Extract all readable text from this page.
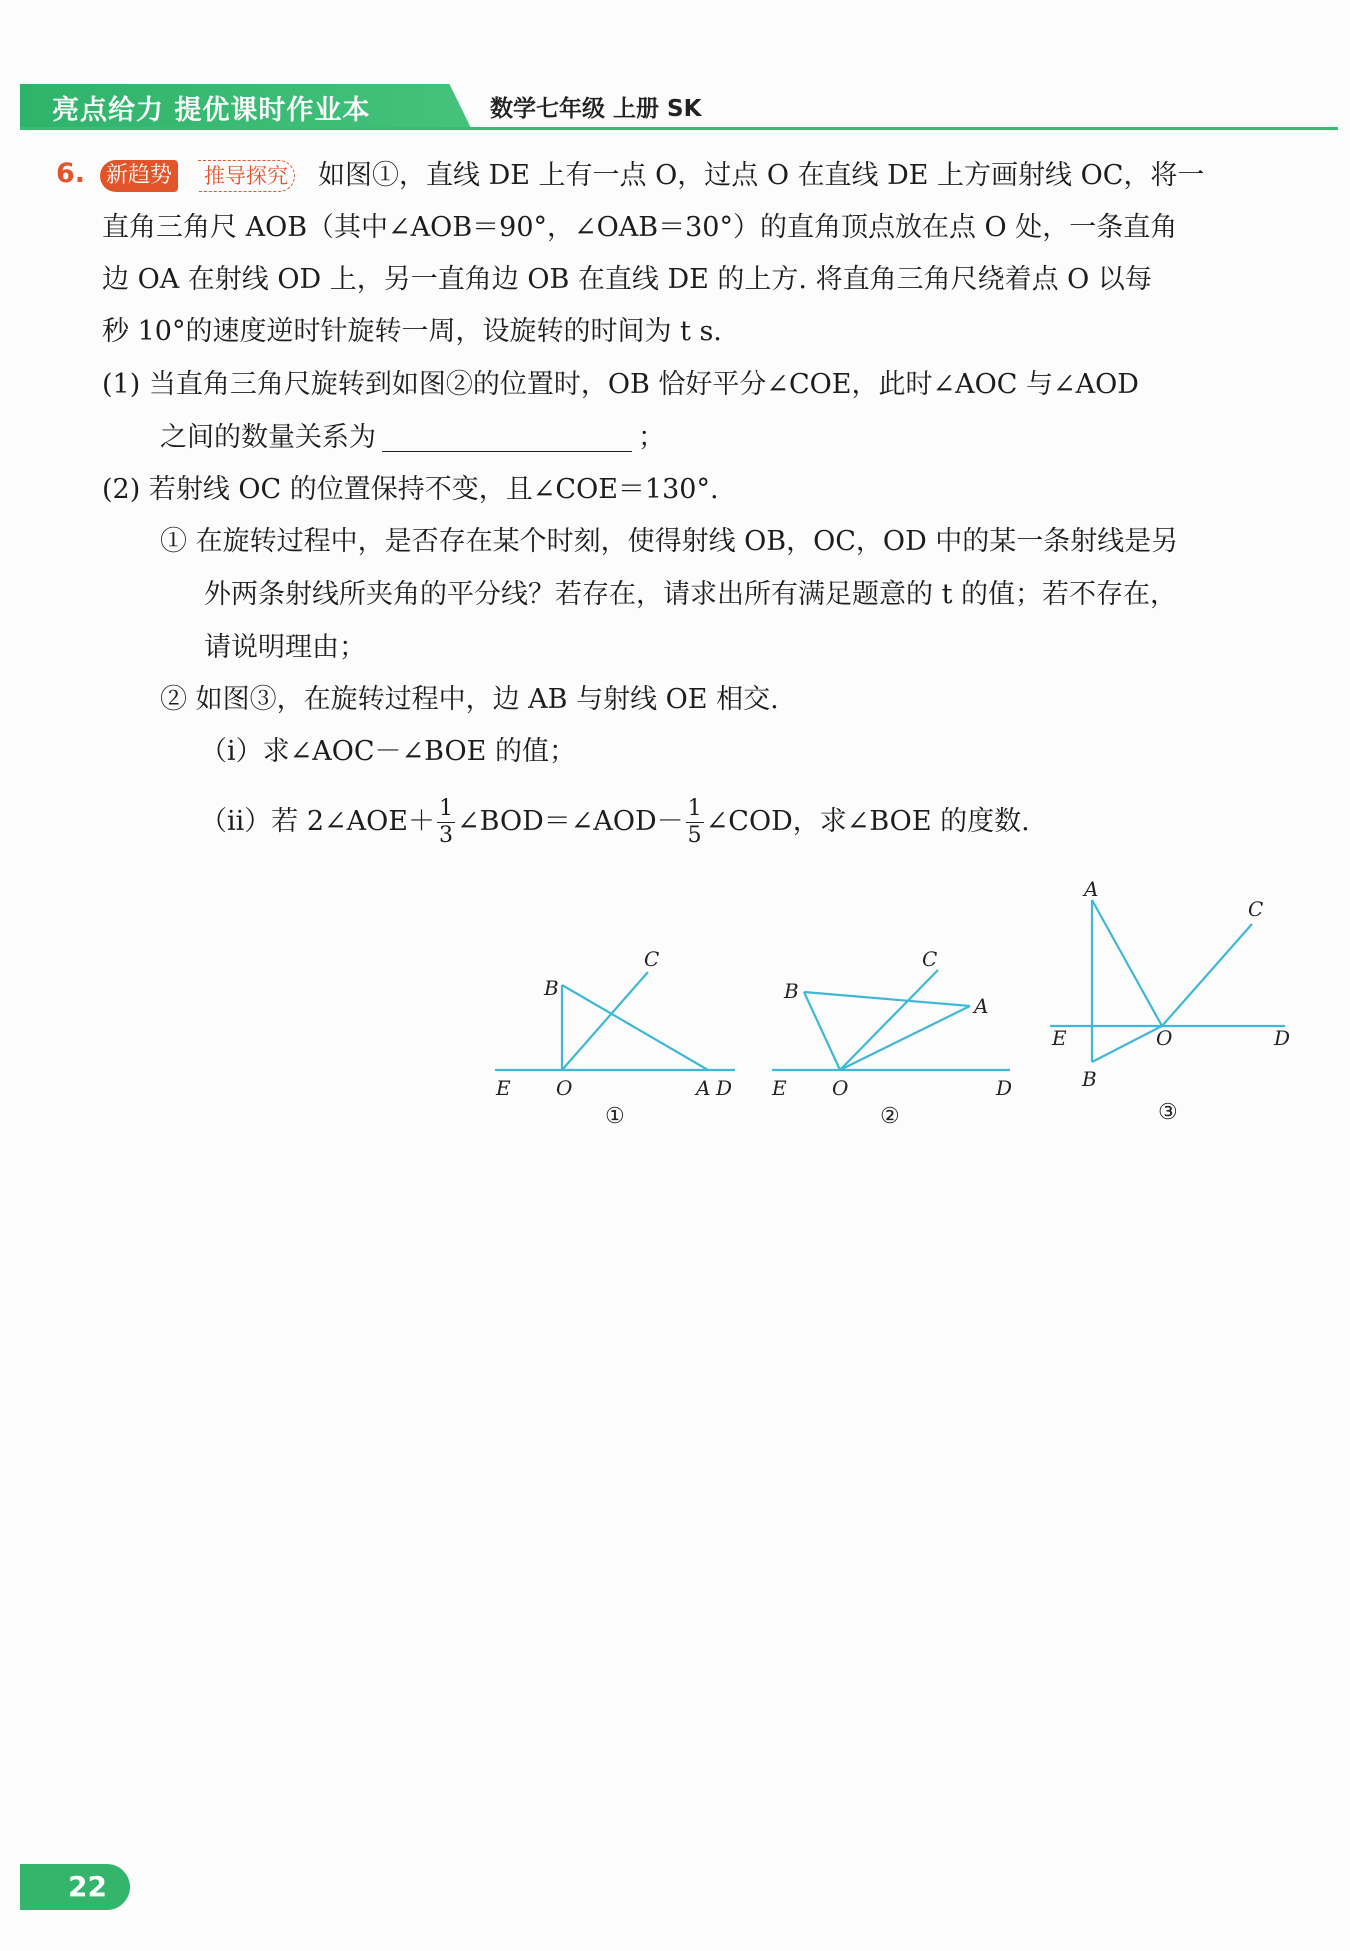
亮点给力 提优课时作业本	数学七年级 上册 SK
6. 新趋势 推导探究 如图①，直线 DE 上有一点 O，过点 O 在直线 DE 上方画射线 OC，将一
直角三角尺 AOB（其中∠AOB＝90°，∠OAB＝30°）的直角顶点放在点 O 处，一条直角
边 OA 在射线 OD 上，另一直角边 OB 在直线 DE 的上方. 将直角三角尺绕着点 O 以每
秒 10°的速度逆时针旋转一周，设旋转的时间为 t s.
(1) 当直角三角尺旋转到如图②的位置时，OB 恰好平分∠COE，此时∠AOC 与∠AOD
之间的数量关系为	；
(2) 若射线 OC 的位置保持不变，且∠COE＝130°.
① 在旋转过程中，是否存在某个时刻，使得射线 OB，OC，OD 中的某一条射线是另
外两条射线所夹角的平分线？若存在，请求出所有满足题意的 t 的值；若不存在，
请说明理由；
② 如图③，在旋转过程中，边 AB 与射线 OE 相交.
（i）求∠AOC－∠BOE 的值；
（ii）若 2∠AOE＋ $\frac{1}{3}$ ∠BOD＝∠AOD－ $\frac{1}{5}$ ∠COD，求∠BOE 的度数.
B
C
E O	A D
①
B
C
A
E O	D
②
A
C
E	O	D
B
③
22
